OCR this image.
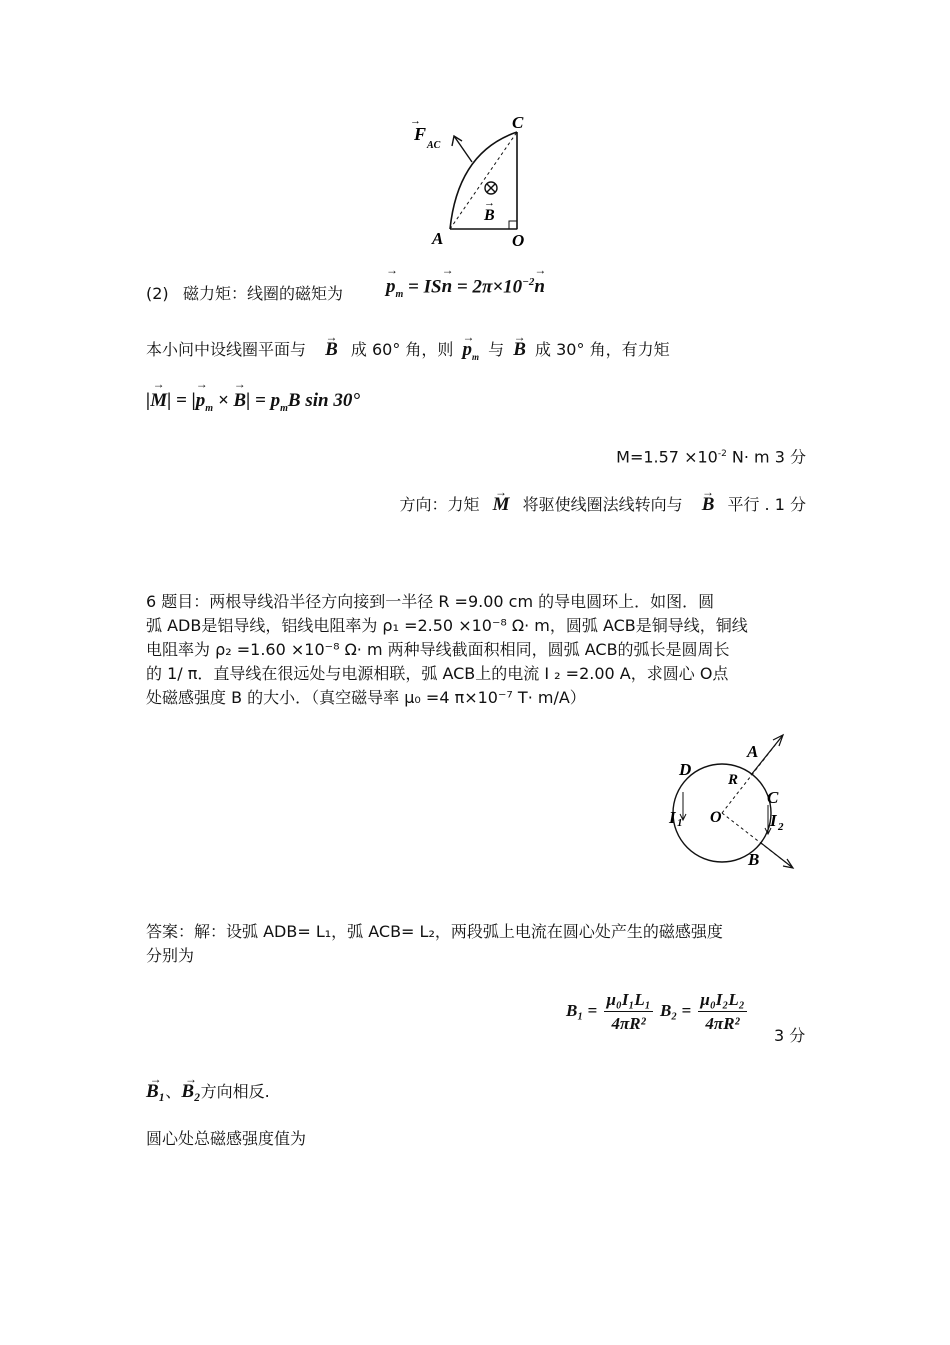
F
→
AC
C
B
→
A	O
(2) 磁力矩：线圈的磁矩为 → $p_m = IS\to n = 2\pi\times 10^{-2}\to n$
本小问中设线圈平面与 → B 成 60° 角，则 → $p_m$ 与 → B 成 30° 角，有力矩
|→ M| = |→ $p_m$ × → $B| = p_mB$ sin 30°
$M=1.57 \times 10^{-2}$ N· m 3 分
方向：力矩 → M 将驱使线圈法线转向与 → B 平行 . 1 分
6 题目：两根导线沿半径方向接到一半径 R =9.00 cm 的导电圆环上．如图．圆
弧 ADB是铝导线，铝线电阻率为 ρ₁ =2.50 ×10⁻⁸ Ω· m，圆弧 ACB是铜导线，铜线
电阻率为 ρ₂ =1.60 ×10⁻⁸ Ω· m 两种导线截面积相同，圆弧 ACB的弧长是圆周长
的 1/ π．直导线在很远处与电源相联，弧 ACB上的电流 I ₂ =2.00 A，求圆心 O点
处磁感强度 B 的大小．（真空磁导率 μ₀ =4 π×10⁻⁷ T· m/A）
D
A
R
C
I 1 O	I 2
B
答案：解：设弧 ADB= L₁，弧 ACB= L₂，两段弧上电流在圆心处产生的磁感强度
分别为
$B_1 = \frac{\text{μ₀I₁L₁}}{\text{4πR²}} B_2 = \frac{\text{μ₀I₂L₂}}{\text{4πR²}}$
3 分
→ B₁、→ B₂方向相反.
圆心处总磁感强度值为
